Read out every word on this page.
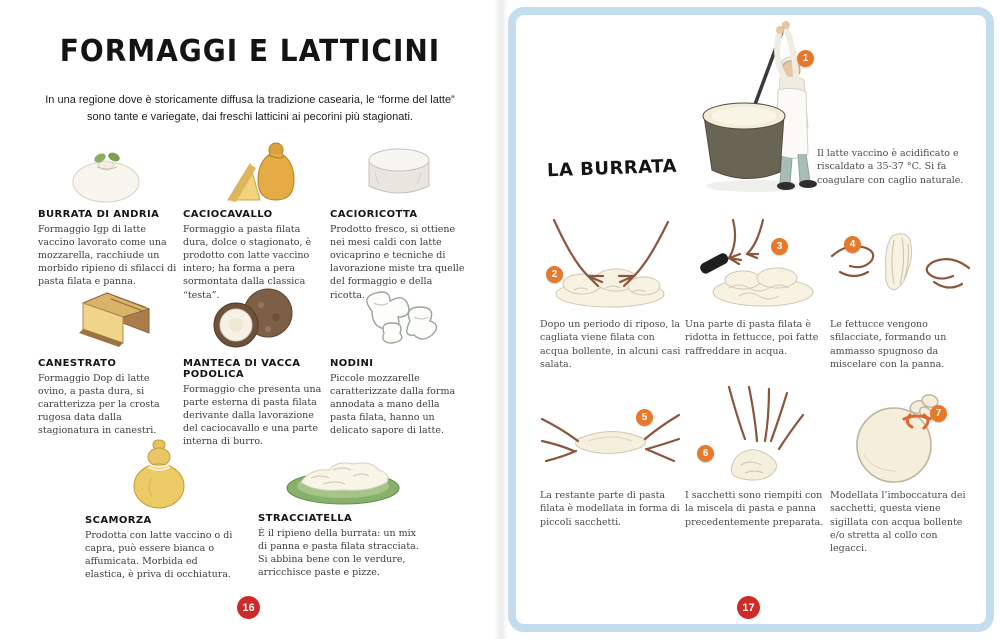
FORMAGGI E LATTICINI

In una regione dove è storicamente diffusa la tradizione casearia, le “forme del latte” sono tante e variegate, dai freschi latticini ai pecorini più stagionati.

BURRATA DI ANDRIA

Formaggio Igp di latte vaccino lavorato come una mozzarella, racchiude un morbido ripieno di sfilacci di pasta filata e panna.

CACIOCAVALLO

Formaggio a pasta filata dura, dolce o stagionato, è prodotto con latte vaccino intero; ha forma a pera sormontata dalla classica “testa”.

CACIORICOTTA

Prodotto fresco, si ottiene nei mesi caldi con latte ovicaprino e tecniche di lavorazione miste tra quelle del formaggio e della ricotta.

CANESTRATO

Formaggio Dop di latte ovino, a pasta dura, si caratterizza per la crosta rugosa data dalla stagionatura in canestri.

MANTECA DI VACCA PODOLICA

Formaggio che presenta una parte esterna di pasta filata derivante dalla lavorazione del caciocavallo e una parte interna di burro.

NODINI

Piccole mozzarelle caratterizzate dalla forma annodata a mano della pasta filata, hanno un delicato sapore di latte.

SCAMORZA

Prodotta con latte vaccino o di capra, può essere bianca o affumicata. Morbida ed elastica, è priva di occhiatura.

STRACCIATELLA

È il ripieno della burrata: un mix di panna e pasta filata stracciata. Si abbina bene con le verdure, arricchisce paste e pizze.

16
LA BURRATA
1

Il latte vaccino è acidificato e riscaldato a 35-37 °C. Si fa coagulare con caglio naturale.

2

Dopo un periodo di riposo, la cagliata viene filata con acqua bollente, in alcuni casi salata.

3

Una parte di pasta filata è ridotta in fettucce, poi fatte raffreddare in acqua.

4

Le fettucce vengono sfilacciate, formando un ammasso spugnoso da miscelare con la panna.

5

La restante parte di pasta filata è modellata in forma di piccoli sacchetti.

6

I sacchetti sono riempiti con la miscela di pasta e panna precedentemente preparata.

7

Modellata l’imboccatura dei sacchetti, questa viene sigillata con acqua bollente e/o stretta al collo con legacci.

17
